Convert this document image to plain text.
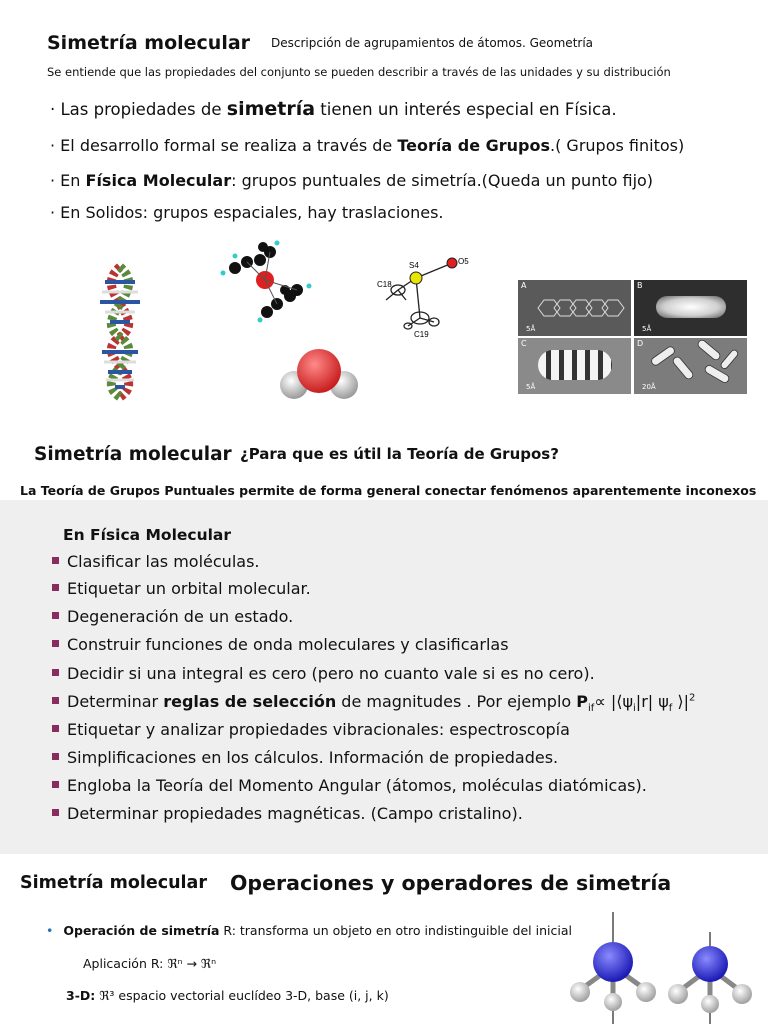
Simetría molecular Descripción de agrupamientos de átomos. Geometría
Se entiende que las propiedades del conjunto se pueden describir a través de las unidades y su distribución
· Las propiedades de simetría tienen un interés especial en Física.
· El desarrollo formal se realiza a través de Teoría de Grupos.( Grupos finitos)
· En Física Molecular: grupos puntuales de simetría.(Queda un punto fijo)
· En Solidos: grupos espaciales, hay traslaciones.
S4	O5
C18
C19
A
5Å
B
5Å
C
5Å
D
20Å
Simetría molecular ¿Para que es útil la Teoría de Grupos?
La Teoría de Grupos Puntuales permite de forma general conectar fenómenos aparentemente inconexos
En Física Molecular
Clasificar las moléculas.
Etiquetar un orbital molecular.
Degeneración de un estado.
Construir funciones de onda moleculares y clasificarlas
Decidir si una integral es cero (pero no cuanto vale si es no cero).
Determinar reglas de selección de magnitudes . Por ejemplo $P_{if}\propto$ $|⟨\psi_i|r|$ $\psi_f$ $⟩|^2$
Etiquetar y analizar propiedades vibracionales: espectroscopía
Simplificaciones en los cálculos. Información de propiedades.
Engloba la Teoría del Momento Angular (átomos, moléculas diatómicas).
Determinar propiedades magnéticas. (Campo cristalino).
Simetría molecular Operaciones y operadores de simetría
• Operación de simetría R: transforma un objeto en otro indistinguible del inicial
Aplicación R: ℜⁿ → ℜⁿ
3-D: ℜ³ espacio vectorial euclídeo 3-D, base (i, j, k)
